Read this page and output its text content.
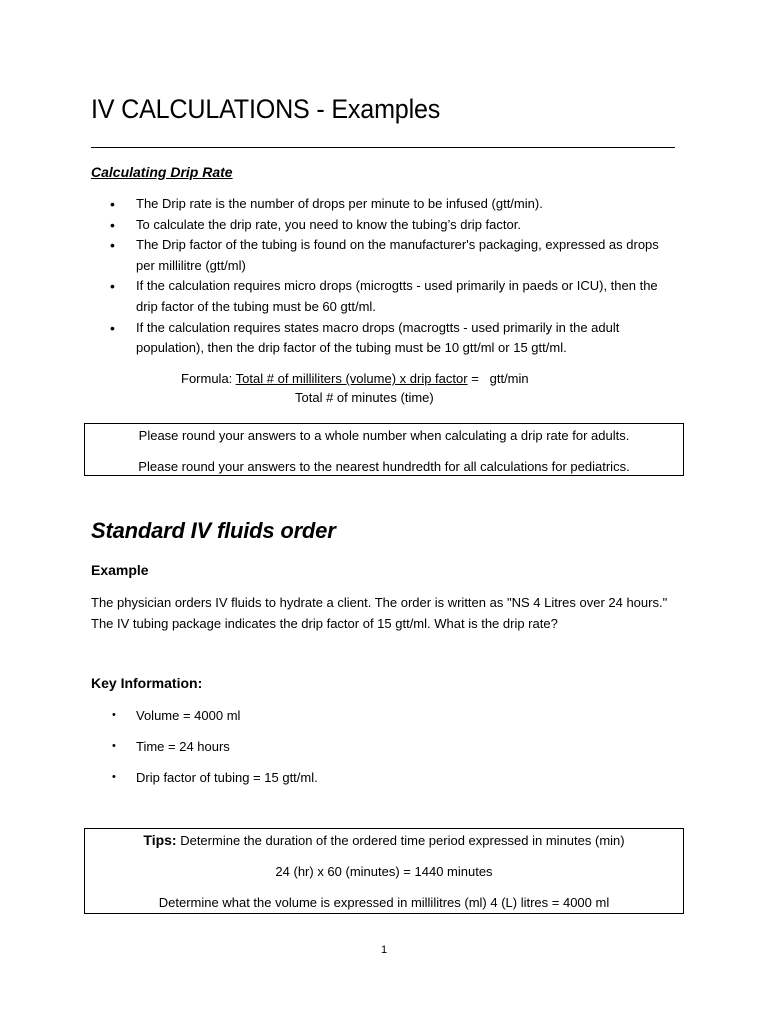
IV CALCULATIONS - Examples
Calculating Drip Rate
• The Drip rate is the number of drops per minute to be infused (gtt/min).
• To calculate the drip rate, you need to know the tubing’s drip factor.
• The Drip factor of the tubing is found on the manufacturer's packaging, expressed as drops per millilitre (gtt/ml)
• If the calculation requires micro drops (microgtts - used primarily in paeds or ICU), then the drip factor of the tubing must be 60 gtt/ml.
• If the calculation requires states macro drops (macrogtts - used primarily in the adult population), then the drip factor of the tubing must be 10 gtt/ml or 15 gtt/ml.
Formula: Total # of milliliters (volume) x drip factor =   gtt/min
Total # of minutes (time)

Please round your answers to a whole number when calculating a drip rate for adults.

Please round your answers to the nearest hundredth for all calculations for pediatrics.

Standard IV fluids order
Example

The physician orders IV fluids to hydrate a client. The order is written as "NS 4 Litres over 24 hours." The IV tubing package indicates the drip factor of 15 gtt/ml. What is the drip rate?

Key Information:
• Volume = 4000 ml
• Time = 24 hours
• Drip factor of tubing = 15 gtt/ml.

Tips: Determine the duration of the ordered time period expressed in minutes (min)

24 (hr) x 60 (minutes) = 1440 minutes

Determine what the volume is expressed in millilitres (ml) 4 (L) litres = 4000 ml

1
